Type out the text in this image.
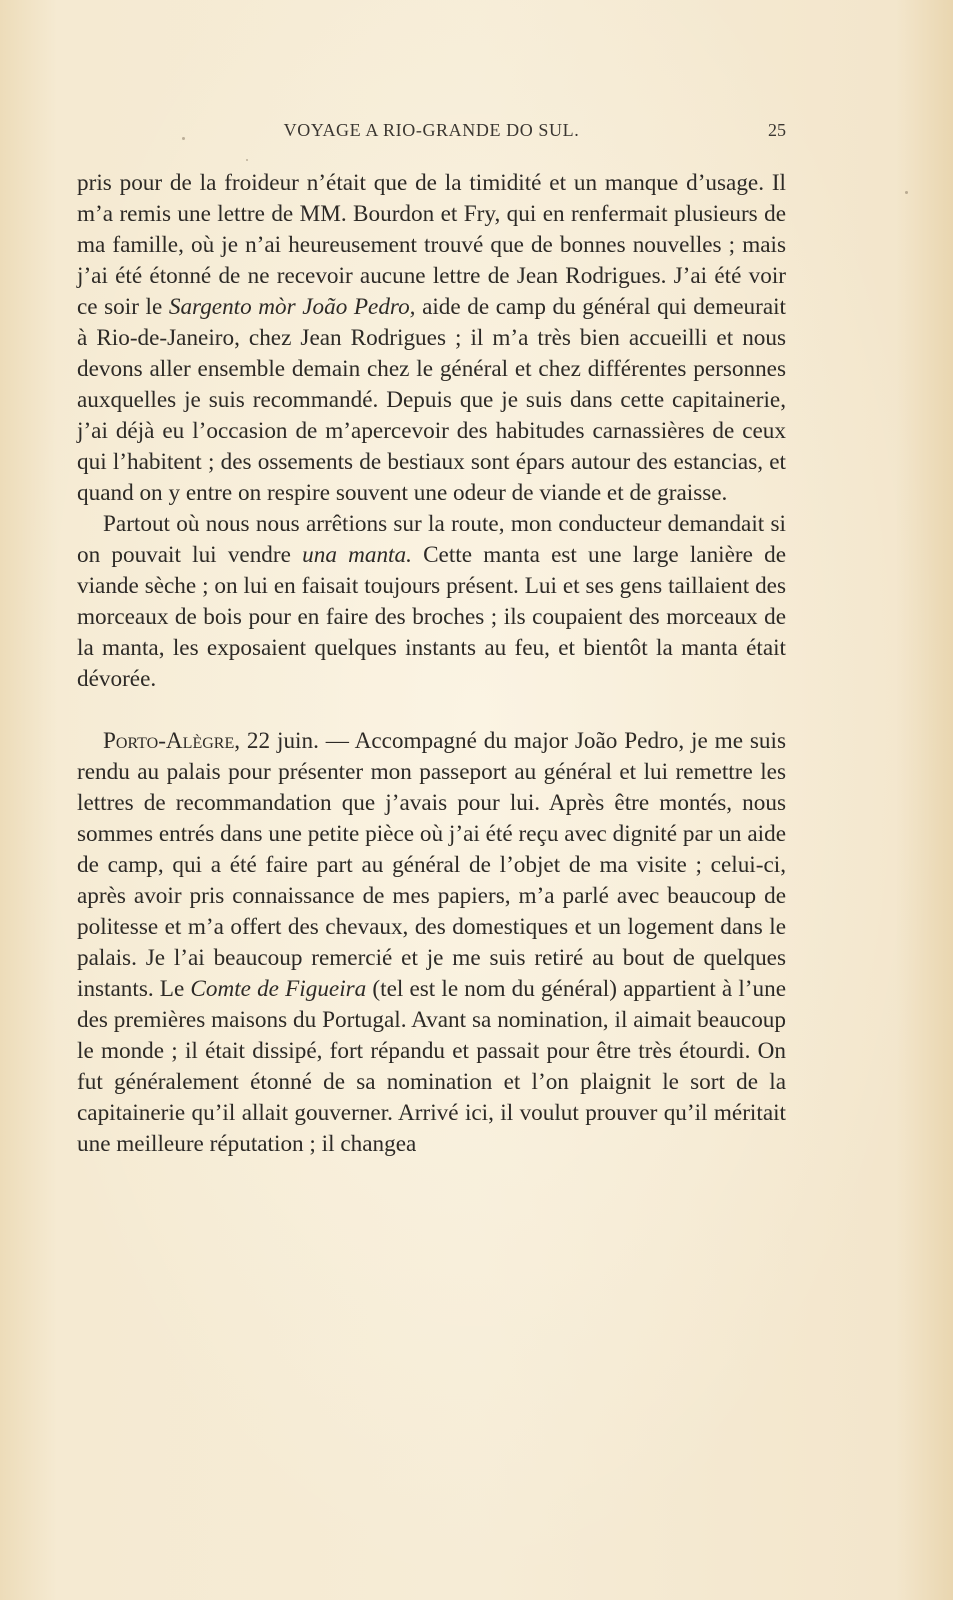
VOYAGE A RIO-GRANDE DO SUL.	25

pris pour de la froideur n’était que de la timidité et un manque d’usage. Il m’a remis une lettre de MM. Bourdon et Fry, qui en renfermait plusieurs de ma famille, où je n’ai heureusement trouvé que de bonnes nouvelles ; mais j’ai été étonné de ne recevoir aucune lettre de Jean Rodrigues. J’ai été voir ce soir le Sargento mòr João Pedro, aide de camp du général qui demeurait à Rio-de-Janeiro, chez Jean Rodrigues ; il m’a très bien accueilli et nous devons aller ensemble demain chez le général et chez différentes personnes auxquelles je suis recommandé. Depuis que je suis dans cette capitainerie, j’ai déjà eu l’occasion de m’apercevoir des habitudes carnassières de ceux qui l’habitent ; des ossements de bestiaux sont épars autour des estancias, et quand on y entre on respire souvent une odeur de viande et de graisse.

Partout où nous nous arrêtions sur la route, mon conducteur demandait si on pouvait lui vendre una manta. Cette manta est une large lanière de viande sèche ; on lui en faisait toujours présent. Lui et ses gens taillaient des morceaux de bois pour en faire des broches ; ils coupaient des morceaux de la manta, les exposaient quelques instants au feu, et bientôt la manta était dévorée.

Porto-Alègre, 22 juin. — Accompagné du major João Pedro, je me suis rendu au palais pour présenter mon passeport au général et lui remettre les lettres de recommandation que j’avais pour lui. Après être montés, nous sommes entrés dans une petite pièce où j’ai été reçu avec dignité par un aide de camp, qui a été faire part au général de l’objet de ma visite ; celui-ci, après avoir pris connaissance de mes papiers, m’a parlé avec beaucoup de politesse et m’a offert des chevaux, des domestiques et un logement dans le palais. Je l’ai beaucoup remercié et je me suis retiré au bout de quelques instants. Le Comte de Figueira (tel est le nom du général) appartient à l’une des premières maisons du Portugal. Avant sa nomination, il aimait beaucoup le monde ; il était dissipé, fort répandu et passait pour être très étourdi. On fut généralement étonné de sa nomination et l’on plaignit le sort de la capitainerie qu’il allait gouverner. Arrivé ici, il voulut prouver qu’il méritait une meilleure réputation ; il changea
